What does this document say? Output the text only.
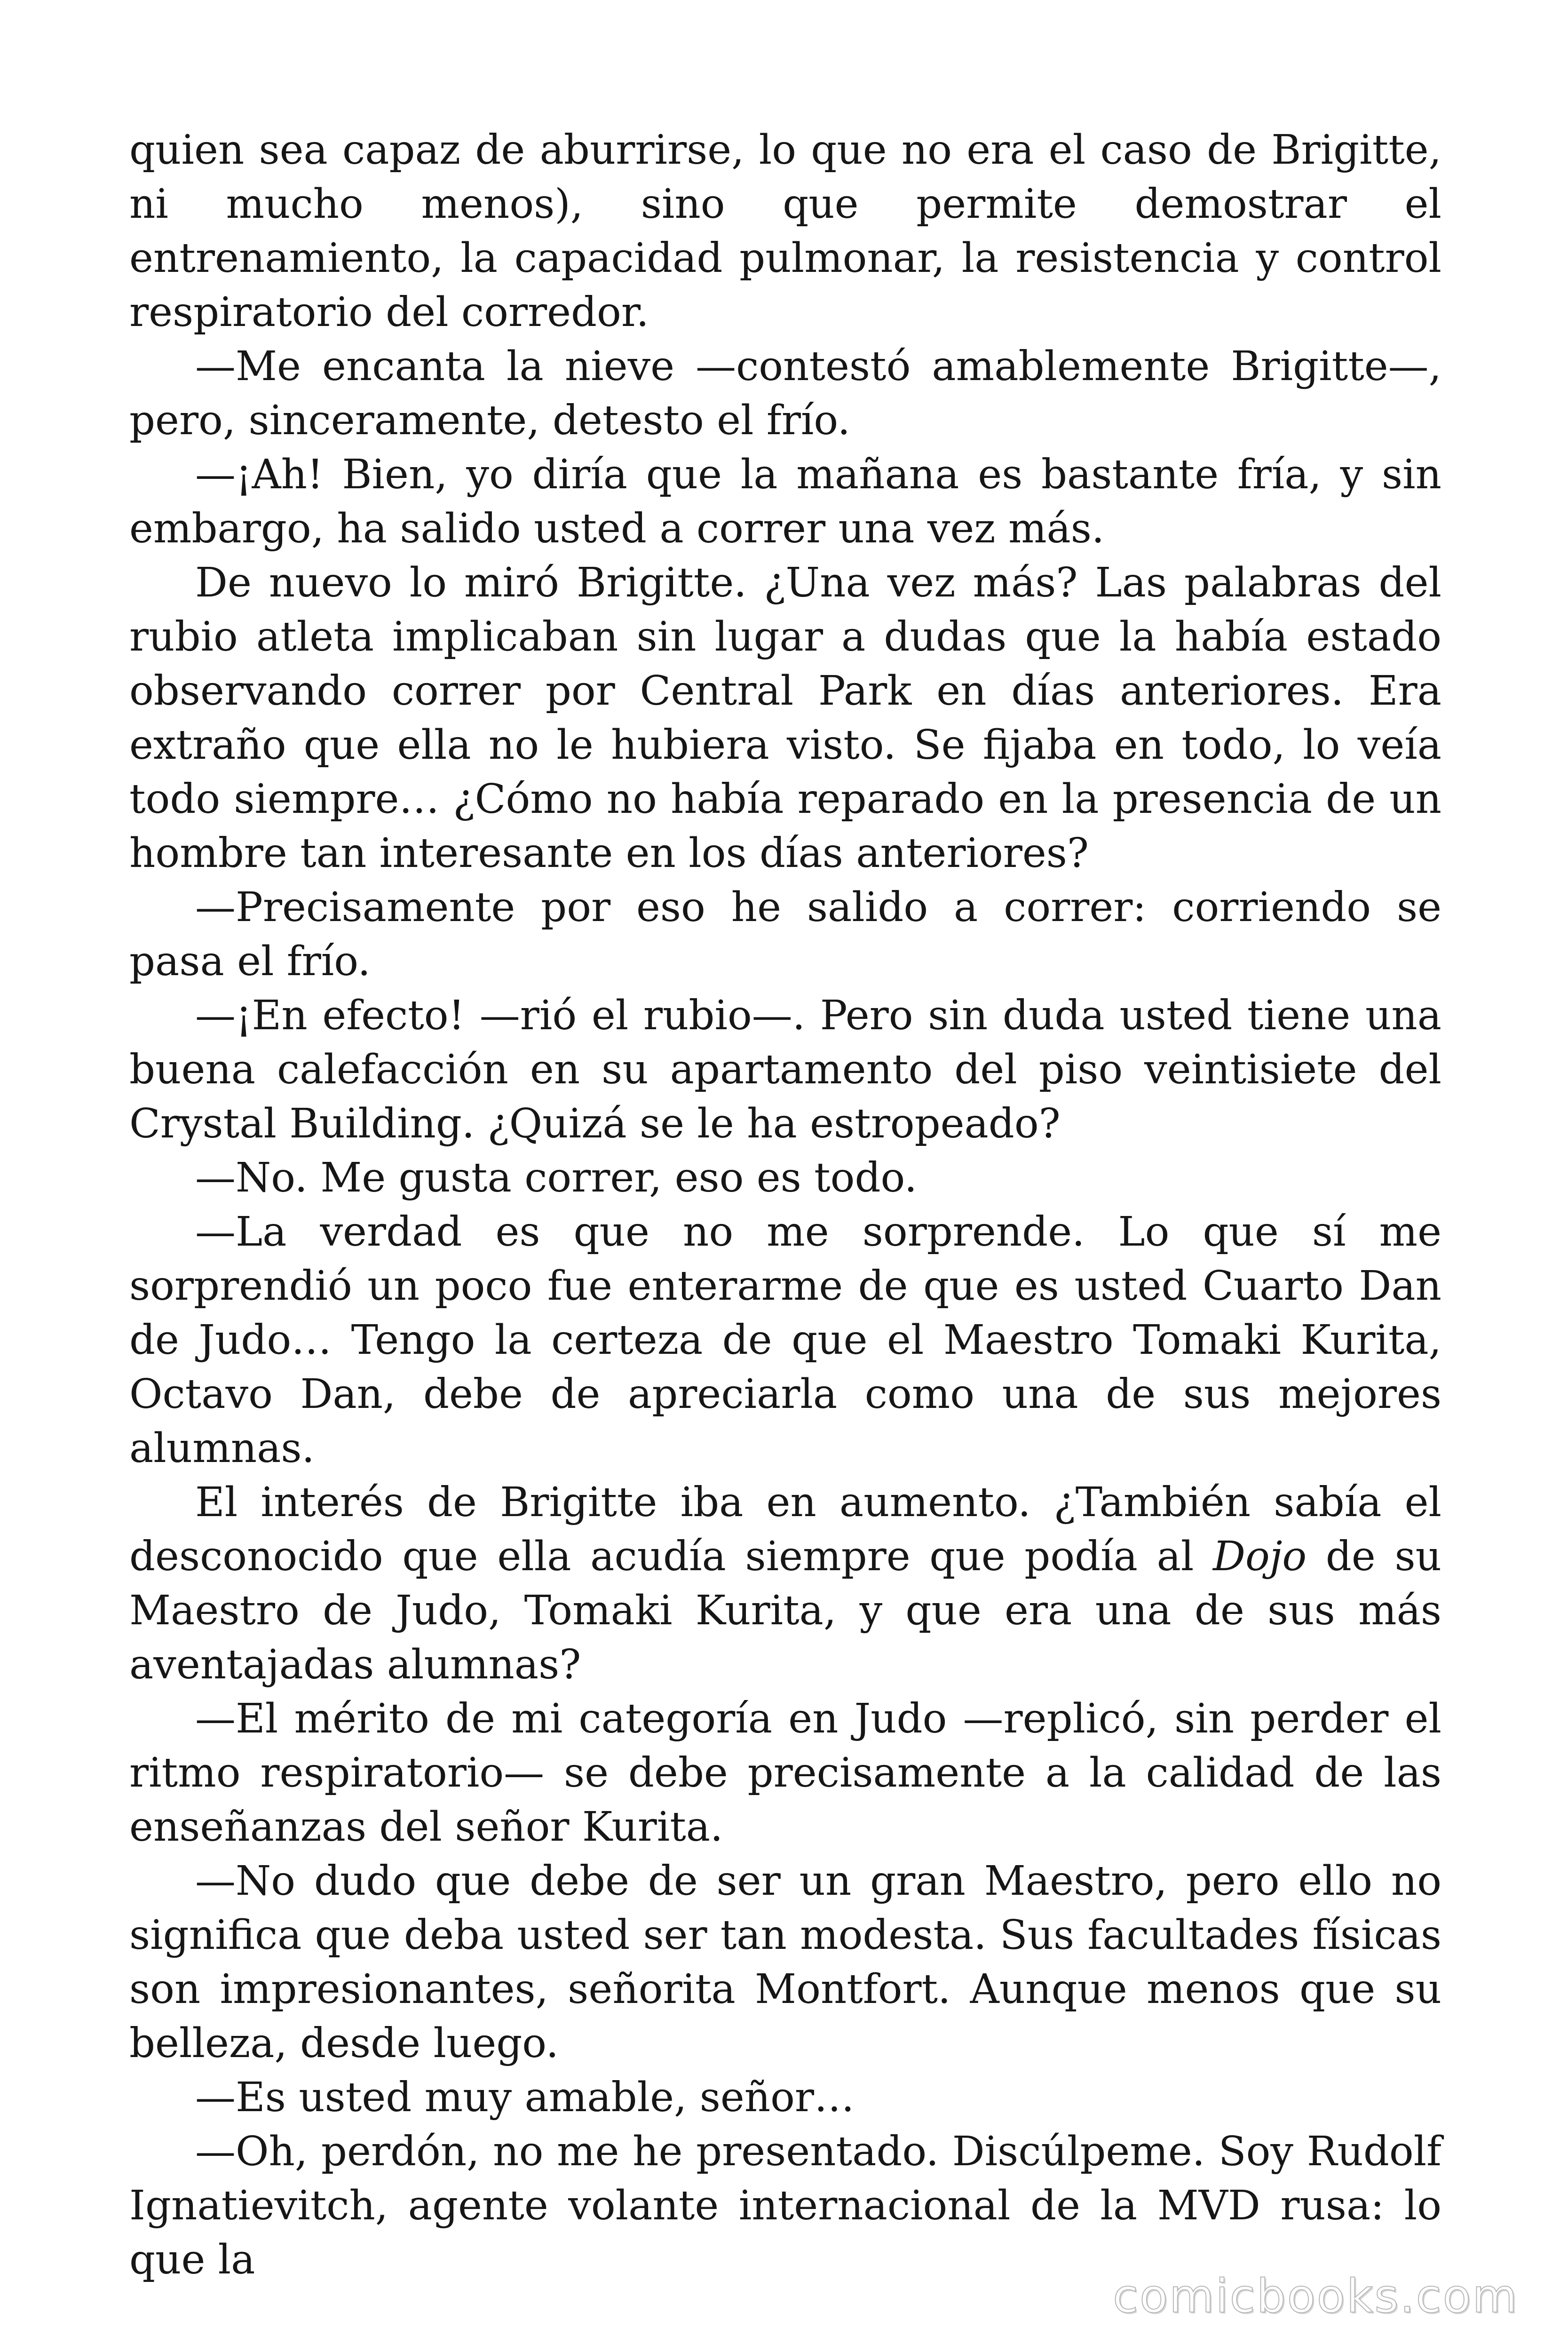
quien sea capaz de aburrirse, lo que no era el caso de Brigitte, ni mucho menos), sino que permite demostrar el entrenamiento, la capacidad pulmonar, la resistencia y control respiratorio del corredor.

—Me encanta la nieve —contestó amablemente Brigitte—, pero, sinceramente, detesto el frío.

—¡Ah! Bien, yo diría que la mañana es bastante fría, y sin embargo, ha salido usted a correr una vez más.

De nuevo lo miró Brigitte. ¿Una vez más? Las palabras del rubio atleta implicaban sin lugar a dudas que la había estado observando correr por Central Park en días anteriores. Era extraño que ella no le hubiera visto. Se fijaba en todo, lo veía todo siempre… ¿Cómo no había reparado en la presencia de un hombre tan interesante en los días anteriores?

—Precisamente por eso he salido a correr: corriendo se pasa el frío.

—¡En efecto! —rió el rubio—. Pero sin duda usted tiene una buena calefacción en su apartamento del piso veintisiete del Crystal Building. ¿Quizá se le ha estropeado?

—No. Me gusta correr, eso es todo.

—La verdad es que no me sorprende. Lo que sí me sorprendió un poco fue enterarme de que es usted Cuarto Dan de Judo… Tengo la certeza de que el Maestro Tomaki Kurita, Octavo Dan, debe de apreciarla como una de sus mejores alumnas.

El interés de Brigitte iba en aumento. ¿También sabía el desconocido que ella acudía siempre que podía al Dojo de su Maestro de Judo, Tomaki Kurita, y que era una de sus más aventajadas alumnas?

—El mérito de mi categoría en Judo —replicó, sin perder el ritmo respiratorio— se debe precisamente a la calidad de las enseñanzas del señor Kurita.

—No dudo que debe de ser un gran Maestro, pero ello no significa que deba usted ser tan modesta. Sus facultades físicas son impresionantes, señorita Montfort. Aunque menos que su belleza, desde luego.

—Es usted muy amable, señor…

—Oh, perdón, no me he presentado. Discúlpeme. Soy Rudolf Ignatievitch, agente volante internacional de la MVD rusa: lo que la

comicbooks.com
